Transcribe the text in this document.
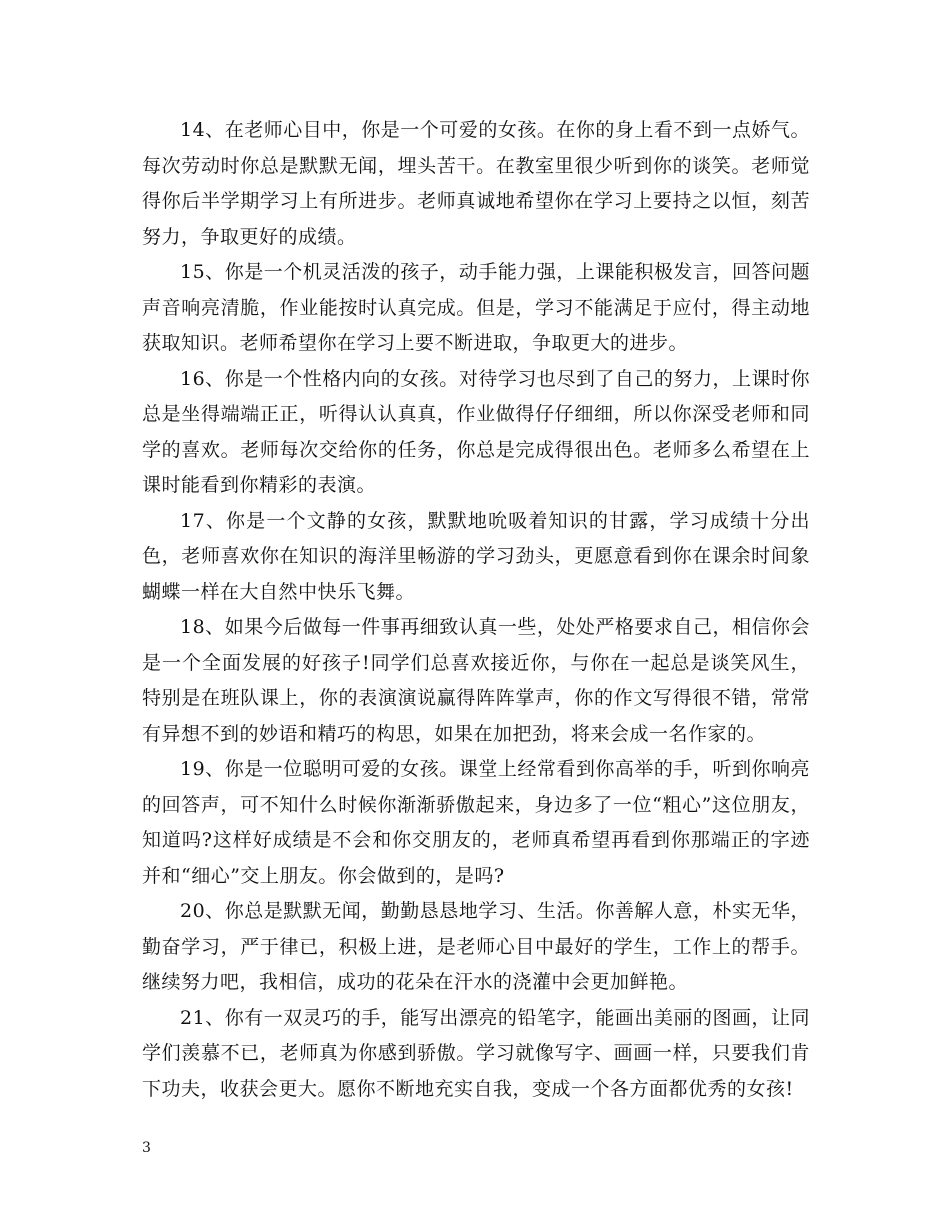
14、在老师心目中，你是一个可爱的女孩。在你的身上看不到一点娇气。每次劳动时你总是默默无闻，埋头苦干。在教室里很少听到你的谈笑。老师觉得你后半学期学习上有所进步。老师真诚地希望你在学习上要持之以恒，刻苦努力，争取更好的成绩。

15、你是一个机灵活泼的孩子，动手能力强，上课能积极发言，回答问题声音响亮清脆，作业能按时认真完成。但是，学习不能满足于应付，得主动地获取知识。老师希望你在学习上要不断进取，争取更大的进步。

16、你是一个性格内向的女孩。对待学习也尽到了自己的努力，上课时你总是坐得端端正正，听得认认真真，作业做得仔仔细细，所以你深受老师和同学的喜欢。老师每次交给你的任务，你总是完成得很出色。老师多么希望在上课时能看到你精彩的表演。

17、你是一个文静的女孩，默默地吮吸着知识的甘露，学习成绩十分出色，老师喜欢你在知识的海洋里畅游的学习劲头，更愿意看到你在课余时间象蝴蝶一样在大自然中快乐飞舞。

18、如果今后做每一件事再细致认真一些，处处严格要求自己，相信你会是一个全面发展的好孩子!同学们总喜欢接近你，与你在一起总是谈笑风生，特别是在班队课上，你的表演演说赢得阵阵掌声，你的作文写得很不错，常常有异想不到的妙语和精巧的构思，如果在加把劲，将来会成一名作家的。

19、你是一位聪明可爱的女孩。课堂上经常看到你高举的手，听到你响亮的回答声，可不知什么时候你渐渐骄傲起来，身边多了一位“粗心”这位朋友，知道吗?这样好成绩是不会和你交朋友的，老师真希望再看到你那端正的字迹并和“细心”交上朋友。你会做到的，是吗?

20、你总是默默无闻，勤勤恳恳地学习、生活。你善解人意，朴实无华，勤奋学习，严于律已，积极上进，是老师心目中最好的学生，工作上的帮手。继续努力吧，我相信，成功的花朵在汗水的浇灌中会更加鲜艳。

21、你有一双灵巧的手，能写出漂亮的铅笔字，能画出美丽的图画，让同学们羡慕不已，老师真为你感到骄傲。学习就像写字、画画一样，只要我们肯下功夫，收获会更大。愿你不断地充实自我，变成一个各方面都优秀的女孩!

3
